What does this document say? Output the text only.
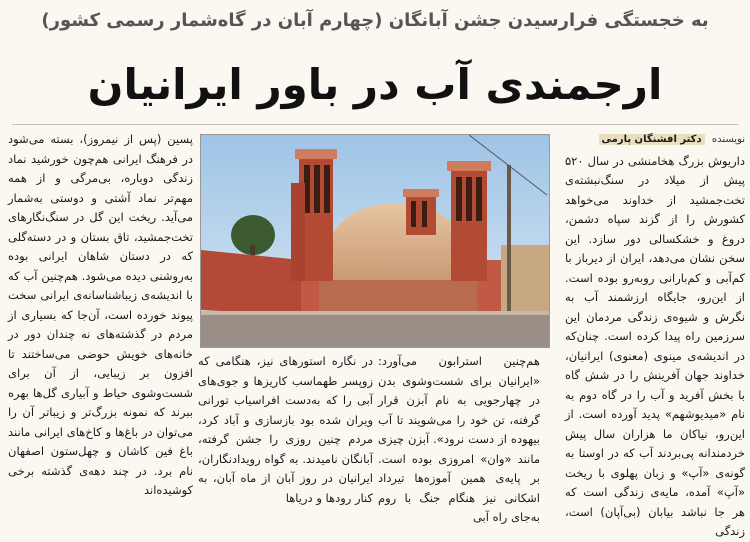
به خجستگی فرارسیدن جشن آبانگان (چهارم آبان در گاه‌شمار رسمی کشور)
ارجمندی آب در باور ایرانیان
نویسنده دکتر افشنگان پارمی

داریوش بزرگ هخامنشی در سال ۵۲۰ پیش از میلاد در سنگ‌نبشته‌ی تخت‌جمشید از خداوند می‌خواهد کشورش را از گزند سپاه دشمن، دروغ و خشکسالی دور سازد. این سخن نشان می‌دهد، ایران از دیرباز با کم‌آبی و کم‌بارانی روبه‌رو بوده است. از این‌رو، جایگاه ارزشمند آب به نگرش و شیوه‌ی زندگی مردمان این سرزمین راه پیدا کرده است. چنان‌که در اندیشه‌ی مینوی (معنوی) ایرانیان، خداوند جهان آفرینش را در شش گاه با بخش آفرید و آب را در گاه دوم به نام «میدیوشهم» پدید آورده است. از این‌رو، نیاکان ما هزاران سال پیش خردمندانه پی‌بردند آب که در اوستا به گونه‌ی «آپ» و زبان پهلوی با ریخت «آپ» آمده، مایه‌ی زندگی است که هر جا نباشد بیابان (بی‌آپان) است، زندگی

هم‌چنین استرابون می‌آورد: «ایرانیان برای شست‌وشوی بدن در چهارجویی به نام آبزن قرار گرفته، تن خود را می‌شویند تا آب بیهوده از دست نرود». آبزن چیزی مانند «وان» امروزی بوده است. بر پایه‌ی همین آموزه‌ها تیرداد اشکانی نیز هنگام جنگ با روم به‌جای راه آبی

در نگاره استورهای نیز، هنگامی که زوپسر طهماسب کاریزها و جوی‌های آبی را که به‌دست افراسیاب تورانی ویران شده بود بازسازی و آباد کرد، مردم چنین روزی را جشن گرفته، آبانگان نامیدند. به گواه رویدادنگاران، ایرانیان در روز آبان از ماه آبان، به کنار رودها و دریاها

پسین (پس از نیمروز)، بسته می‌شود در فرهنگ ایرانی هم‌چون خورشید نماد زندگی دوباره، بی‌مرگی و از همه مهم‌تر نماد آشتی و دوستی به‌شمار می‌آید. ریخت این گل در سنگ‌نگارهای تخت‌جمشید، تاق بستان و در دسته‌گلی که در دستان شاهان ایرانی بوده به‌روشنی دیده می‌شود. هم‌چنین آب که با اندیشه‌ی زیباشناسانه‌ی ایرانی سخت پیوند خورده است، آن‌جا که بسیاری از مردم در گذشته‌های نه چندان دور در خانه‌های خویش حوضی می‌ساختند تا افزون بر زیبایی، از آن برای شست‌وشوی حیاط و آبیاری گل‌ها بهره ببرند که نمونه بزرگ‌تر و زیباتر آن را می‌توان در باغ‌ها و کاخ‌های ایرانی مانند باغ فین کاشان و چهل‌ستون اصفهان نام برد. در چند دهه‌ی گذشته برخی کوشیده‌اند
